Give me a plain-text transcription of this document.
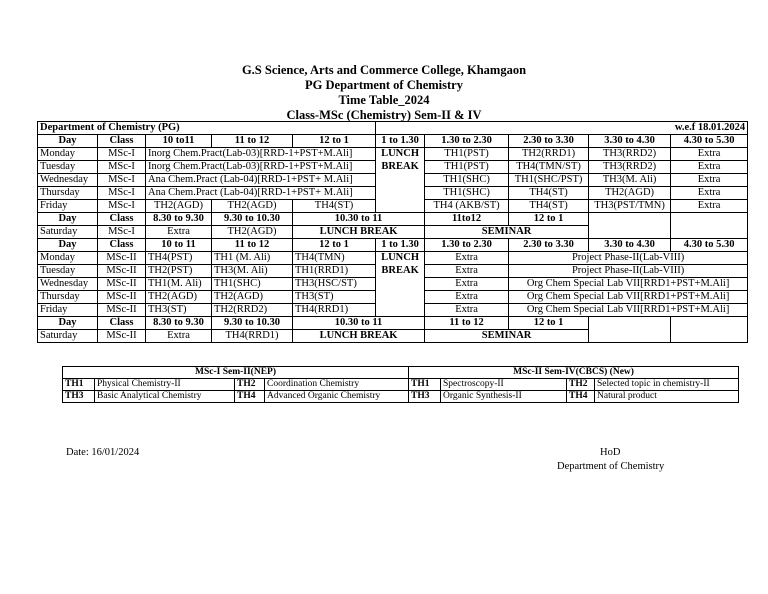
G.S Science, Arts and Commerce College, Khamgaon
PG Department of Chemistry
Time Table_2024
Class-MSc (Chemistry) Sem-II & IV
Department of Chemistry (PG)					w.e.f 18.01.2024				
Day	Class	10 to11	11 to 12	12 to 1	1 to 1.30	1.30 to 2.30	2.30 to 3.30	3.30 to 4.30	4.30 to 5.30
Monday	MSc-I	Inorg Chem.Pract(Lab-03)[RRD-1+PST+M.Ali]			LUNCH	TH1(PST)	TH2(RRD1)	TH3(RRD2)	Extra
Tuesday	MSc-I	Inorg Chem.Pract(Lab-03)[RRD-1+PST+M.Ali]			BREAK	TH1(PST)	TH4(TMN/ST)	TH3(RRD2)	Extra
Wednesday	MSc-I	Ana Chem.Pract (Lab-04)[RRD-1+PST+ M.Ali]				TH1(SHC)	TH1(SHC/PST)	TH3(M. Ali)	Extra
Thursday	MSc-I	Ana Chem.Pract (Lab-04)[RRD-1+PST+ M.Ali]				TH1(SHC)	TH4(ST)	TH2(AGD)	Extra
Friday	MSc-I	TH2(AGD)	TH2(AGD)	TH4(ST)		TH4 (AKB/ST)	TH4(ST)	TH3(PST/TMN)	Extra
Day	Class	8.30 to 9.30	9.30 to 10.30	10.30 to 11		11to12	12 to 1		
Saturday	MSc-I	Extra	TH2(AGD)	LUNCH BREAK		SEMINAR			
Day	Class	10 to 11	11 to 12	12 to 1	1 to 1.30	1.30 to 2.30	2.30 to 3.30	3.30 to 4.30	4.30 to 5.30
Monday	MSc-II	TH4(PST)	TH1 (M. Ali)	TH4(TMN)	LUNCH	Extra	Project Phase-II(Lab-VIII)		
Tuesday	MSc-II	TH2(PST)	TH3(M. Ali)	TH1(RRD1)	BREAK	Extra	Project Phase-II(Lab-VIII)		
Wednesday	MSc-II	TH1(M. Ali)	TH1(SHC)	TH3(HSC/ST)		Extra	Org Chem Special Lab VII[RRD1+PST+M.Ali]		
Thursday	MSc-II	TH2(AGD)	TH2(AGD)	TH3(ST)		Extra	Org Chem Special Lab VII[RRD1+PST+M.Ali]		
Friday	MSc-II	TH3(ST)	TH2(RRD2)	TH4(RRD1)		Extra	Org Chem Special Lab VII[RRD1+PST+M.Ali]		
Day	Class	8.30 to 9.30	9.30 to 10.30	10.30 to 11		11 to 12	12 to 1		
Saturday	MSc-II	Extra	TH4(RRD1)	LUNCH BREAK		SEMINAR			
MSc-I Sem-II(NEP)				MSc-II Sem-IV(CBCS) (New)			
TH1	Physical Chemistry-II	TH2	Coordination Chemistry	TH1	Spectroscopy-II	TH2	Selected topic in chemistry-II
TH3	Basic Analytical Chemistry	TH4	Advanced Organic Chemistry	TH3	Organic Synthesis-II	TH4	Natural product
Date: 16/01/2024	HoD
Department of Chemistry
